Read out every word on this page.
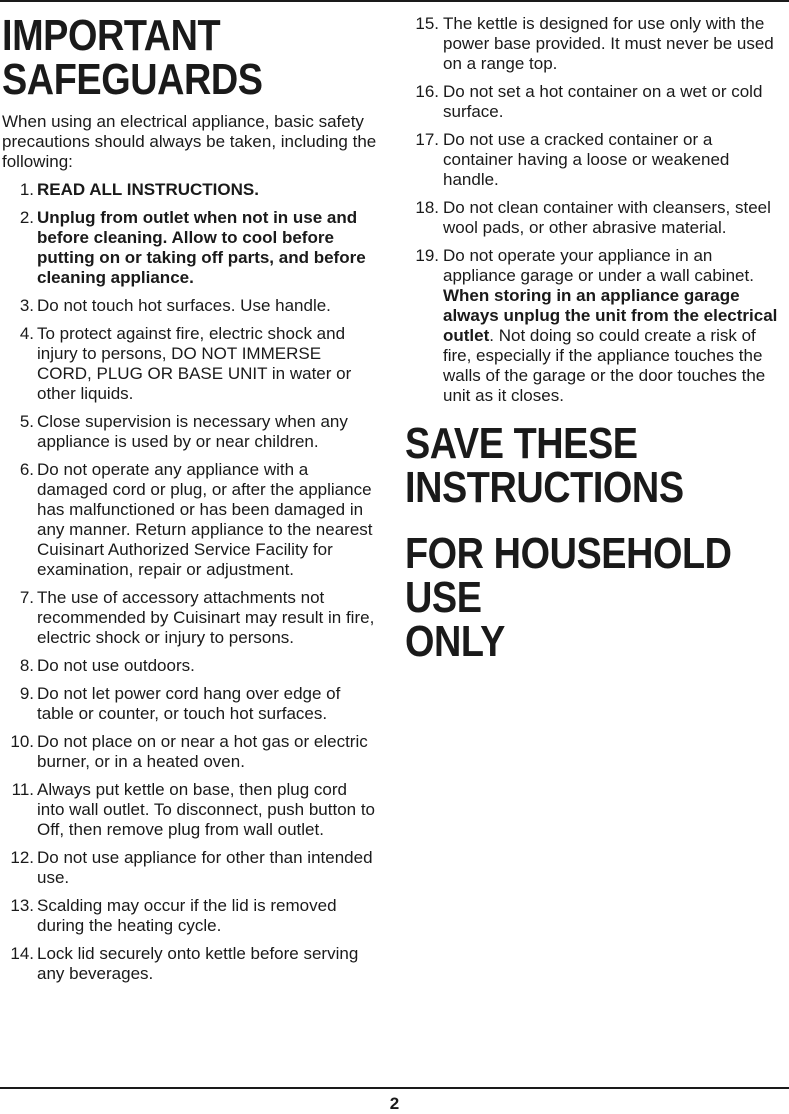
IMPORTANT
SAFEGUARDS

When using an electrical appliance, basic safety precautions should always be taken, including the following:

1. READ ALL INSTRUCTIONS.
2. Unplug from outlet when not in use and before cleaning. Allow to cool before putting on or taking off parts, and before cleaning appliance.
3. Do not touch hot surfaces. Use handle.
4. To protect against fire, electric shock and injury to persons, DO NOT IMMERSE CORD, PLUG OR BASE UNIT in water or other liquids.
5. Close supervision is necessary when any appliance is used by or near children.
6. Do not operate any appliance with a damaged cord or plug, or after the appliance has malfunctioned or has been damaged in any manner. Return appliance to the nearest Cuisinart Authorized Service Facility for examination, repair or adjustment.
7. The use of accessory attachments not recommended by Cuisinart may result in fire, electric shock or injury to persons.
8. Do not use outdoors.
9. Do not let power cord hang over edge of table or counter, or touch hot surfaces.
10. Do not place on or near a hot gas or electric burner, or in a heated oven.
11. Always put kettle on base, then plug cord into wall outlet. To disconnect, push button to Off, then remove plug from wall outlet.
12. Do not use appliance for other than intended use.
13. Scalding may occur if the lid is removed during the heating cycle.
14. Lock lid securely onto kettle before serving any beverages.
15. The kettle is designed for use only with the power base provided. It must never be used on a range top.
16. Do not set a hot container on a wet or cold surface.
17. Do not use a cracked container or a container having a loose or weakened handle.
18. Do not clean container with cleansers, steel wool pads, or other abrasive material.
19. Do not operate your appliance in an appliance garage or under a wall cabinet. When storing in an appliance garage always unplug the unit from the electrical outlet. Not doing so could create a risk of fire, especially if the appliance touches the walls of the garage or the door touches the unit as it closes.
SAVE THESE
INSTRUCTIONS
FOR HOUSEHOLD USE
ONLY
2
